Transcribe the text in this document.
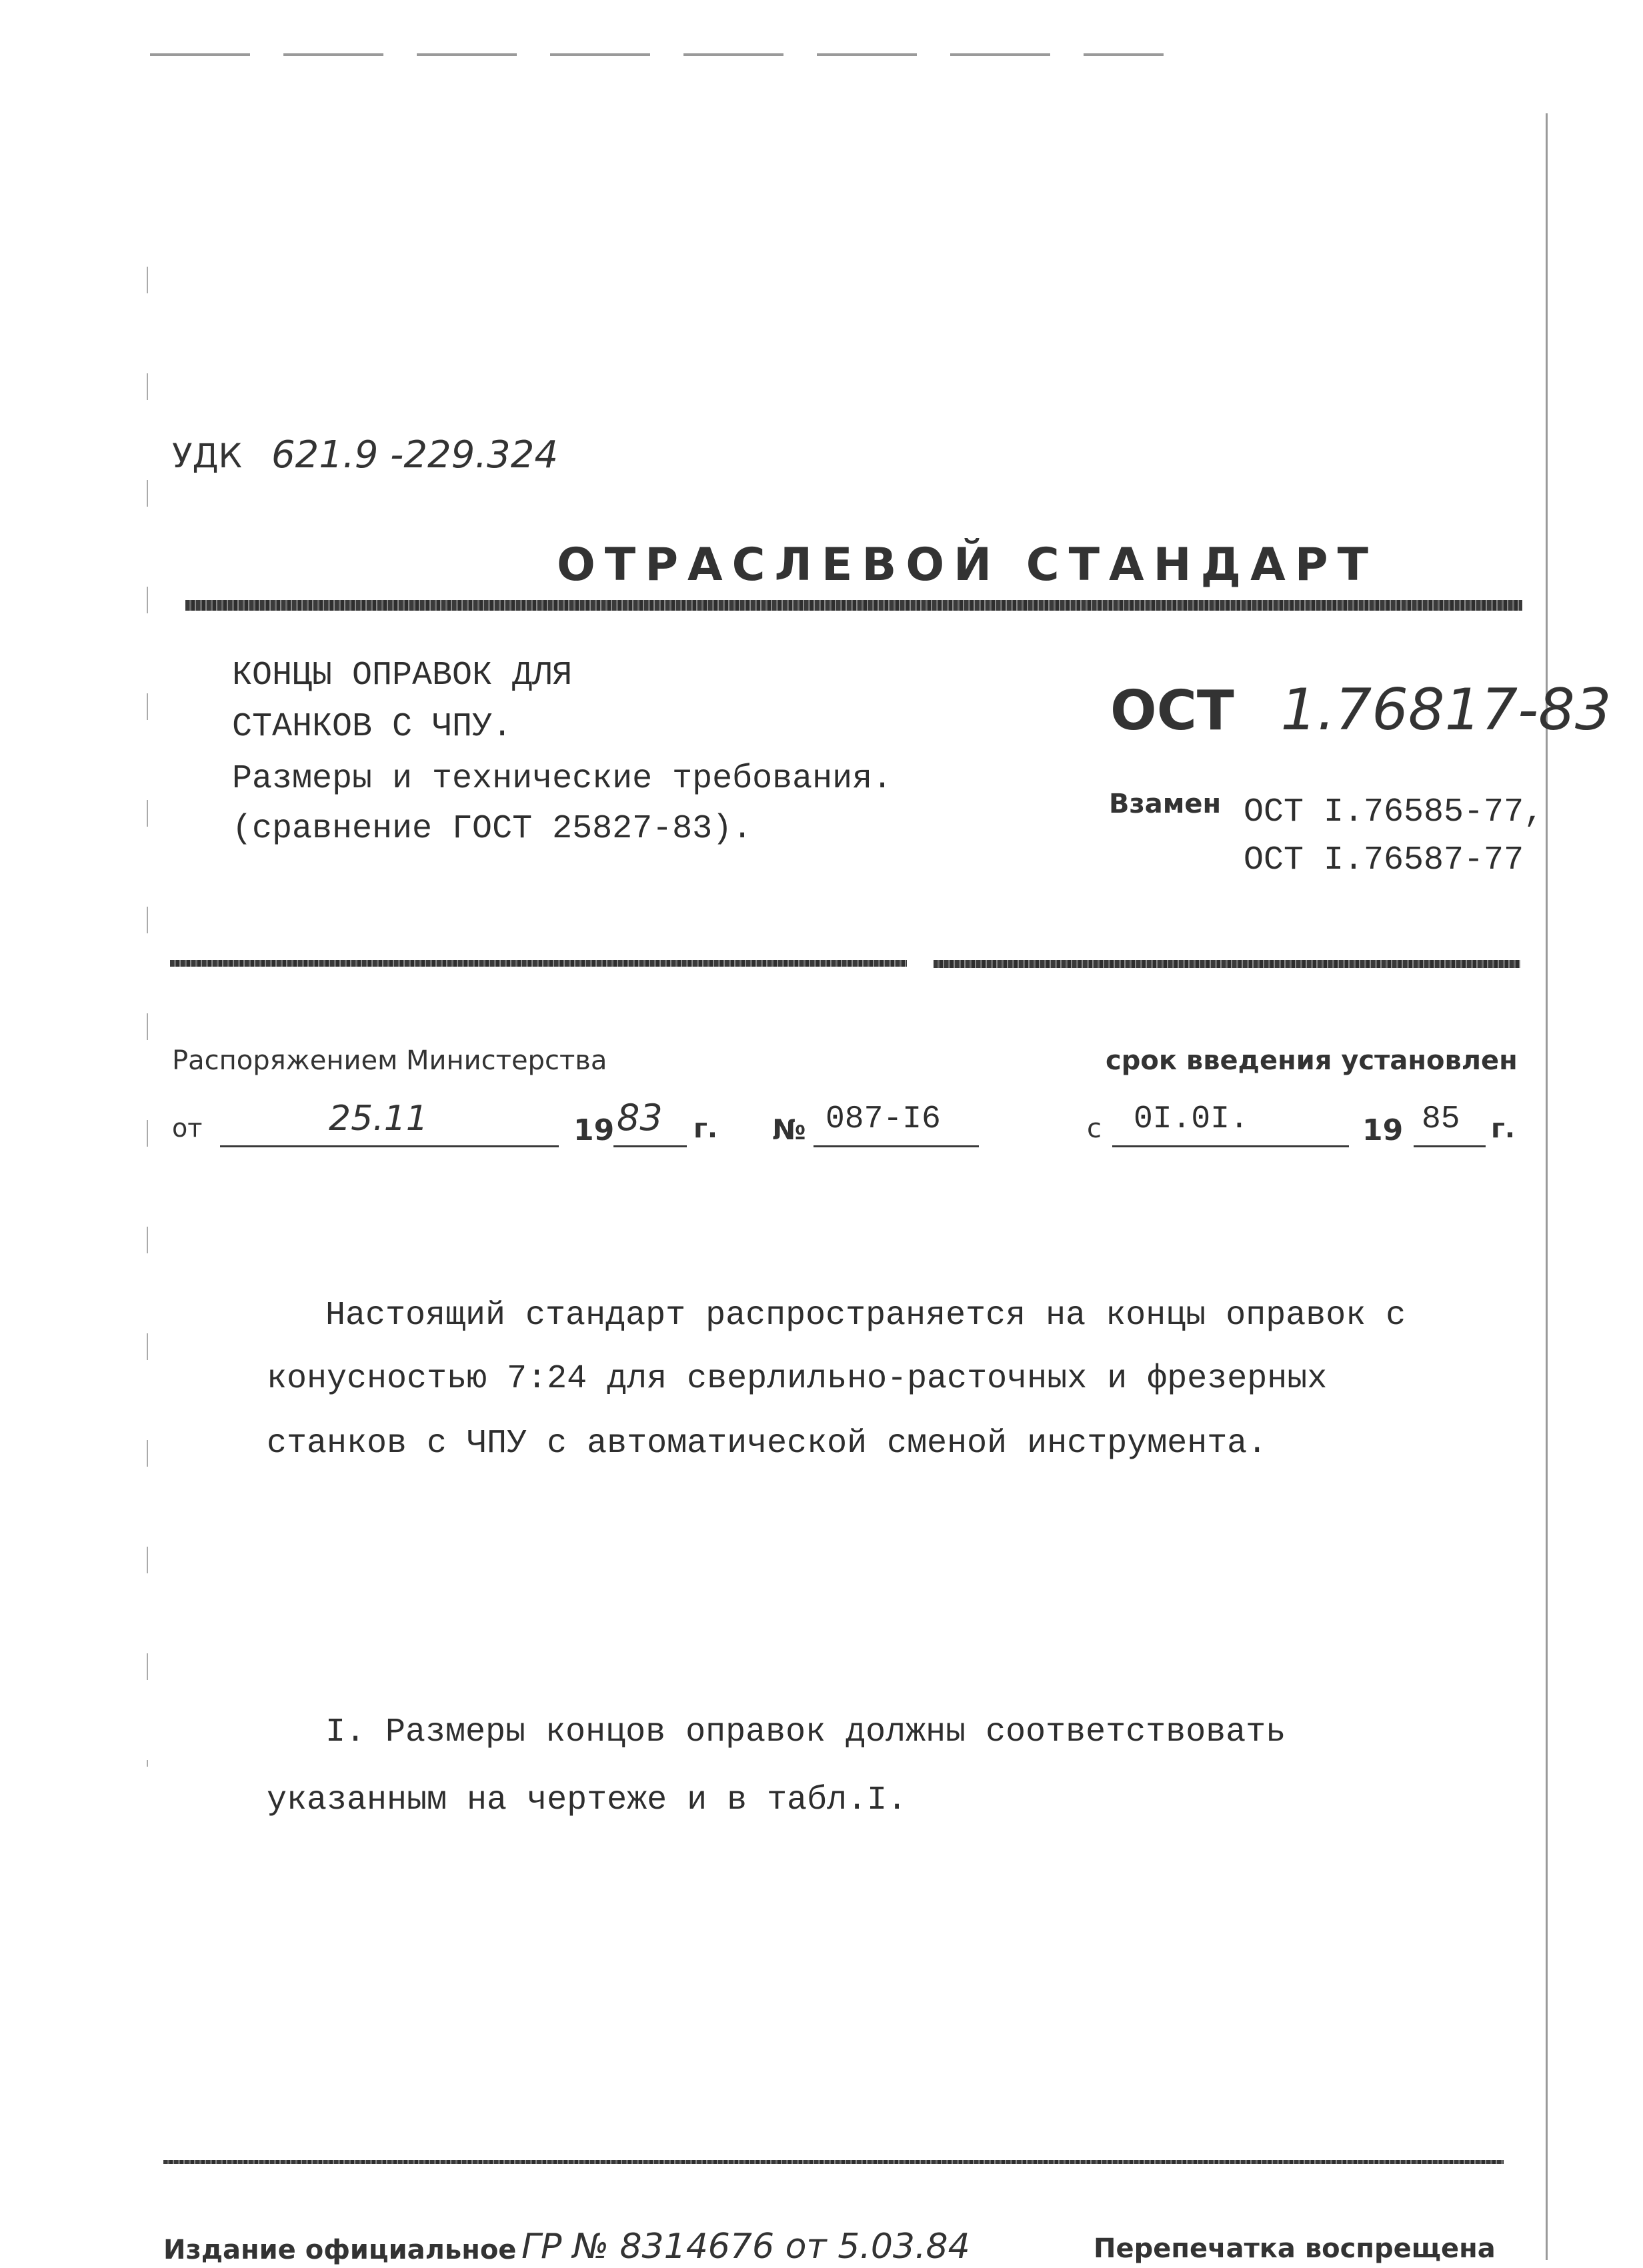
УДК 621.9 -229.324
ОТРАСЛЕВОЙ СТАНДАРТ
КОНЦЫ ОПРАВОК ДЛЯ
СТАНКОВ С ЧПУ.
Размеры и технические требования.
(сравнение ГОСТ 25827-83).
ОСТ 1.76817-83
Взамен ОСТ I.76585-77,
ОСТ I.76587-77
Распоряжением Министерства	срок введения установлен
от	25.11	19 83 г. № 087-I6	с 0I.0I.	19 85 г.
Настоящий стандарт распространяется на концы оправок с
конусностью 7:24 для сверлильно-расточных и фрезерных
станков с ЧПУ с автоматической сменой инструмента.
I. Размеры концов оправок должны соответствовать
указанным на чертеже и в табл.I.
Издание официальное ГР № 8314676 от 5.03.84	Перепечатка воспрещена
